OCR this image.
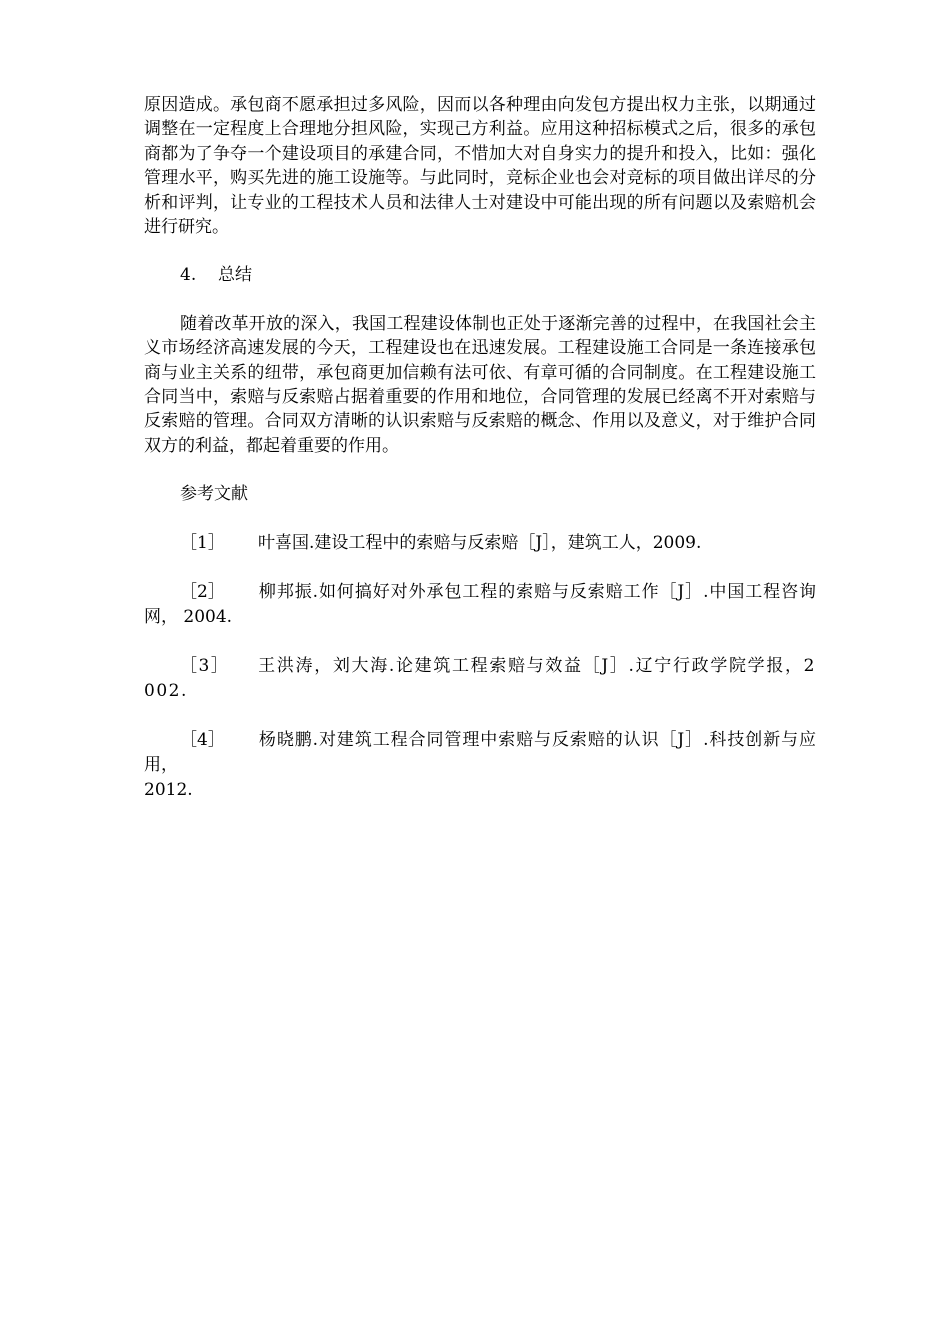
原因造成。承包商不愿承担过多风险，因而以各种理由向发包方提出权力主张，以期通过调整在一定程度上合理地分担风险，实现己方利益。应用这种招标模式之后，很多的承包商都为了争夺一个建设项目的承建合同，不惜加大对自身实力的提升和投入，比如：强化管理水平，购买先进的施工设施等。与此同时，竞标企业也会对竞标的项目做出详尽的分析和评判，让专业的工程技术人员和法律人士对建设中可能出现的所有问题以及索赔机会进行研究。

4. 总结

随着改革开放的深入，我国工程建设体制也正处于逐渐完善的过程中，在我国社会主义市场经济高速发展的今天，工程建设也在迅速发展。工程建设施工合同是一条连接承包商与业主关系的纽带，承包商更加信赖有法可依、有章可循的合同制度。在工程建设施工合同当中，索赔与反索赔占据着重要的作用和地位，合同管理的发展已经离不开对索赔与反索赔的管理。合同双方清晰的认识索赔与反索赔的概念、作用以及意义，对于维护合同双方的利益，都起着重要的作用。

参考文献

［1］ 叶喜国.建设工程中的索赔与反索赔［J］，建筑工人，2009.

［2］ 柳邦振.如何搞好对外承包工程的索赔与反索赔工作［J］.中国工程咨询网， 2004.

［3］ 王洪涛，刘大海.论建筑工程索赔与效益［J］.辽宁行政学院学报，2002.

［4］ 杨晓鹏.对建筑工程合同管理中索赔与反索赔的认识［J］.科技创新与应用，
2012.
